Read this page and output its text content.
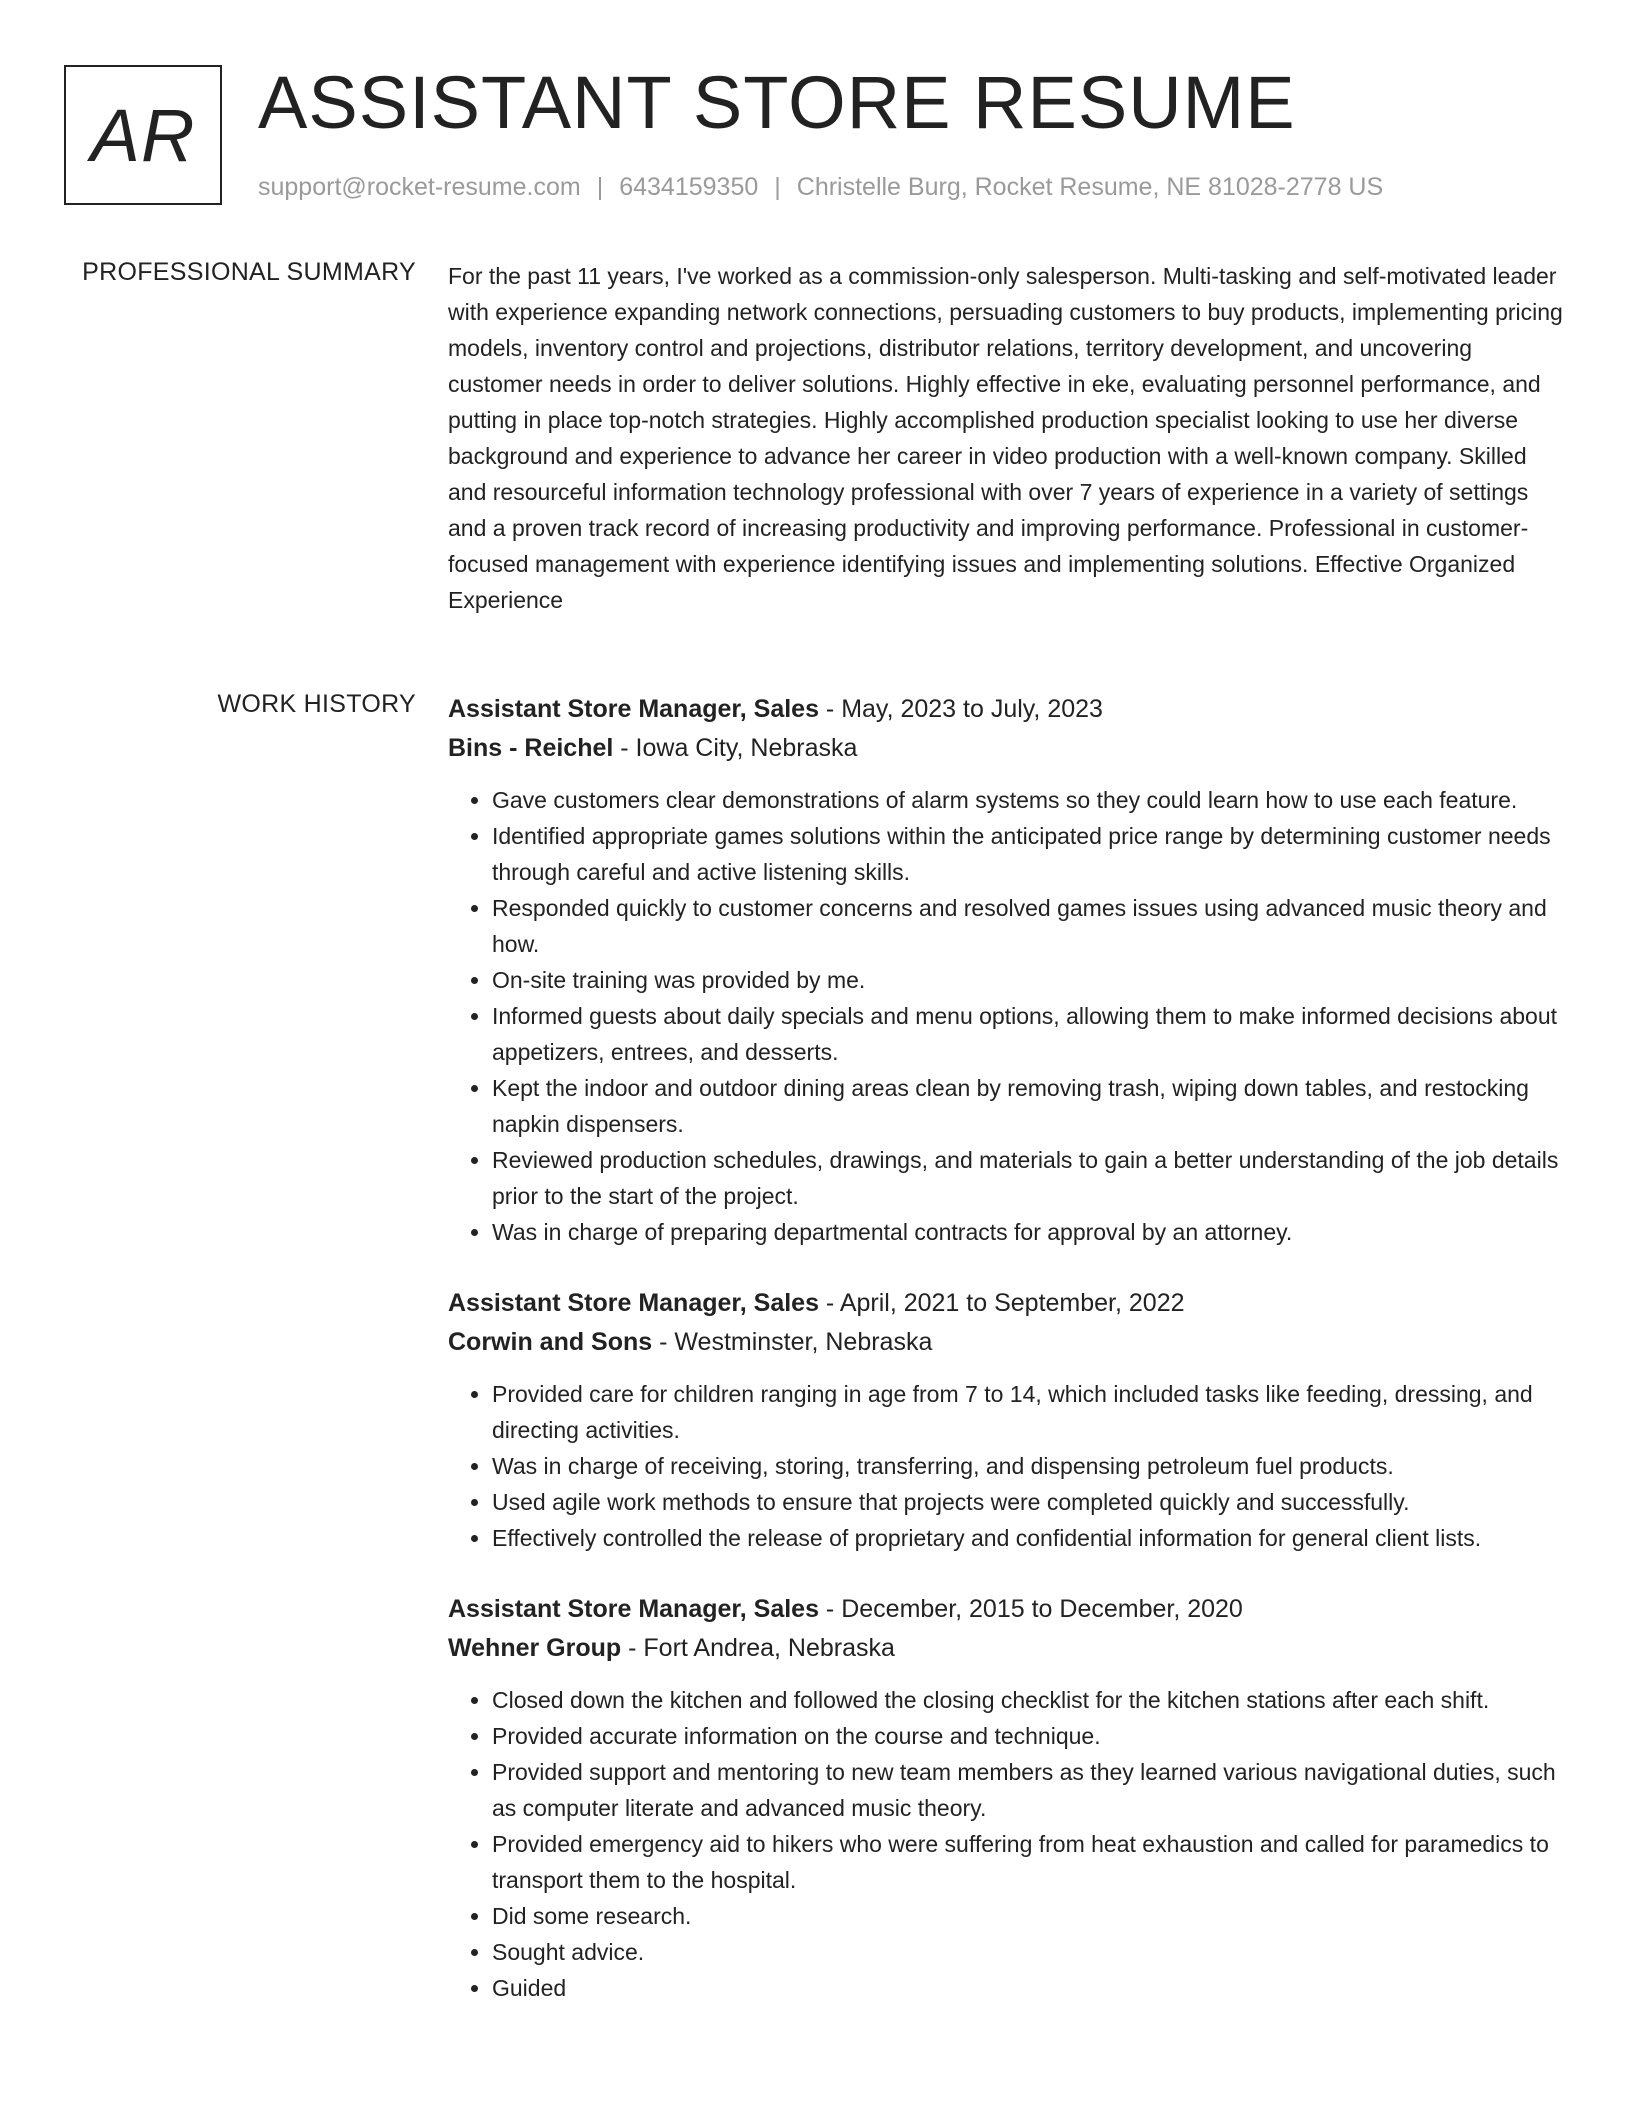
AR ASSISTANT STORE RESUME
support@rocket-resume.com | 6434159350 | Christelle Burg, Rocket Resume, NE 81028-2778 US
PROFESSIONAL SUMMARY For the past 11 years, I've worked as a commission-only salesperson. Multi-tasking and self-motivated leader with experience expanding network connections, persuading customers to buy products, implementing pricing models, inventory control and projections, distributor relations, territory development, and uncovering customer needs in order to deliver solutions. Highly effective in eke, evaluating personnel performance, and putting in place top-notch strategies. Highly accomplished production specialist looking to use her diverse background and experience to advance her career in video production with a well-known company. Skilled and resourceful information technology professional with over 7 years of experience in a variety of settings and a proven track record of increasing productivity and improving performance. Professional in customer-focused management with experience identifying issues and implementing solutions. Effective Organized Experience

WORK HISTORY Assistant Store Manager, Sales - May, 2023 to July, 2023
Bins - Reichel - Iowa City, Nebraska
• Gave customers clear demonstrations of alarm systems so they could learn how to use each feature.
• Identified appropriate games solutions within the anticipated price range by determining customer needs through careful and active listening skills.
• Responded quickly to customer concerns and resolved games issues using advanced music theory and how.
• On-site training was provided by me.
• Informed guests about daily specials and menu options, allowing them to make informed decisions about appetizers, entrees, and desserts.
• Kept the indoor and outdoor dining areas clean by removing trash, wiping down tables, and restocking napkin dispensers.
• Reviewed production schedules, drawings, and materials to gain a better understanding of the job details prior to the start of the project.
• Was in charge of preparing departmental contracts for approval by an attorney.
Assistant Store Manager, Sales - April, 2021 to September, 2022
Corwin and Sons - Westminster, Nebraska
• Provided care for children ranging in age from 7 to 14, which included tasks like feeding, dressing, and directing activities.
• Was in charge of receiving, storing, transferring, and dispensing petroleum fuel products.
• Used agile work methods to ensure that projects were completed quickly and successfully.
• Effectively controlled the release of proprietary and confidential information for general client lists.
Assistant Store Manager, Sales - December, 2015 to December, 2020
Wehner Group - Fort Andrea, Nebraska
• Closed down the kitchen and followed the closing checklist for the kitchen stations after each shift.
• Provided accurate information on the course and technique.
• Provided support and mentoring to new team members as they learned various navigational duties, such as computer literate and advanced music theory.
• Provided emergency aid to hikers who were suffering from heat exhaustion and called for paramedics to transport them to the hospital.
• Did some research.
• Sought advice.
• Guided
